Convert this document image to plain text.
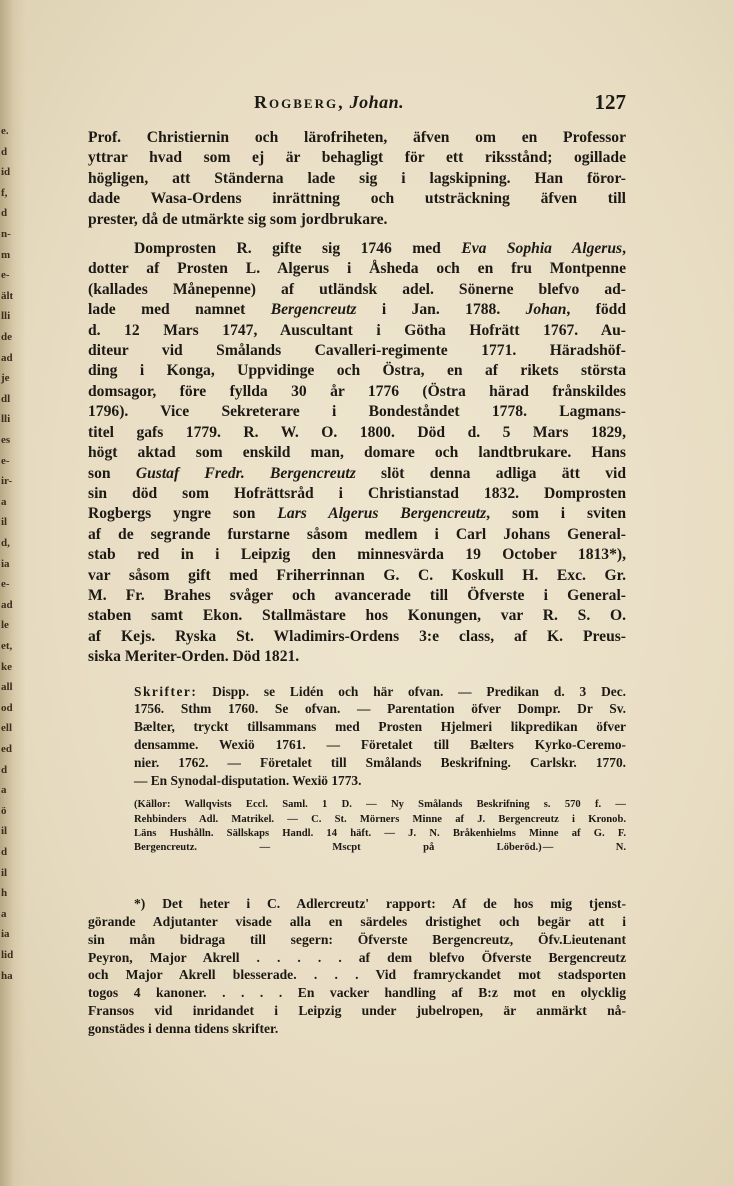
e.
d
id
f,
d
n-
m
e-
ält
lli
de
ad
je
dl
lli
es
e-
ir-
a
il
d,
ia
e-
ad
le
et,
ke
all
od
ell
ed
d
a
ö
il
d
il
h
a
ia
lid
ha
Rogberg, Johan.	127
Prof. Christiernin och lärofriheten, äfven om en Professor
yttrar hvad som ej är behagligt för ett riksstånd; ogillade
högligen, att Ständerna lade sig i lagskipning. Han föror-
dade Wasa-Ordens inrättning och utsträckning äfven till
prester, då de utmärkte sig som jordbrukare.
Domprosten R. gifte sig 1746 med Eva Sophia Algerus,
dotter af Prosten L. Algerus i Åsheda och en fru Montpenne
(kallades Månepenne) af utländsk adel. Sönerne blefvo ad-
lade med namnet Bergencreutz i Jan. 1788. Johan, född
d. 12 Mars 1747, Auscultant i Götha Hofrätt 1767. Au-
diteur vid Smålands Cavalleri-regimente 1771. Häradshöf-
ding i Konga, Uppvidinge och Östra, en af rikets största
domsagor, före fyllda 30 år 1776 (Östra härad frånskildes
1796). Vice Sekreterare i Bondeståndet 1778. Lagmans-
titel gafs 1779. R. W. O. 1800. Död d. 5 Mars 1829,
högt aktad som enskild man, domare och landtbrukare. Hans
son Gustaf Fredr. Bergencreutz slöt denna adliga ätt vid
sin död som Hofrättsråd i Christianstad 1832. Domprosten
Rogbergs yngre son Lars Algerus Bergencreutz, som i sviten
af de segrande furstarne såsom medlem i Carl Johans General-
stab red in i Leipzig den minnesvärda 19 October 1813*),
var såsom gift med Friherrinnan G. C. Koskull H. Exc. Gr.
M. Fr. Brahes svåger och avancerade till Öfverste i General-
staben samt Ekon. Stallmästare hos Konungen, var R. S. O.
af Kejs. Ryska St. Wladimirs-Ordens 3:e class, af K. Preus-
siska Meriter-Orden. Död 1821.
Skrifter: Dispp. se Lidén och här ofvan. — Predikan d. 3 Dec.
1756. Sthm 1760. Se ofvan. — Parentation öfver Dompr. Dr Sv.
Bælter, tryckt tillsammans med Prosten Hjelmeri likpredikan öfver
densamme. Wexiö 1761. — Företalet till Bælters Kyrko-Ceremo-
nier. 1762. — Företalet till Smålands Beskrifning. Carlskr. 1770.
— En Synodal-disputation. Wexiö 1773.
(Källor: Wallqvists Eccl. Saml. 1 D. — Ny Smålands Beskrifning s. 570 f. —
Rehbinders Adl. Matrikel. — C. St. Mörners Minne af J. Bergencreutz i Kronob.
Läns Hushålln. Sällskaps Handl. 14 häft. — J. N. Bråkenhielms Minne af G. F.
Bergencreutz. — Mscpt på Löberöd.)— N.
*) Det heter i C. Adlercreutz' rapport: Af de hos mig tjenst-
görande Adjutanter visade alla en särdeles dristighet och begär att i
sin mån bidraga till segern: Öfverste Bergencreutz, Öfv.Lieutenant
Peyron, Major Akrell . . . . . af dem blefvo Öfverste Bergencreutz
och Major Akrell blesserade. . . . Vid framryckandet mot stadsporten
togos 4 kanoner. . . . . En vacker handling af B:z mot en olycklig
Fransos vid inridandet i Leipzig under jubelropen, är anmärkt nå-
gonstädes i denna tidens skrifter.
